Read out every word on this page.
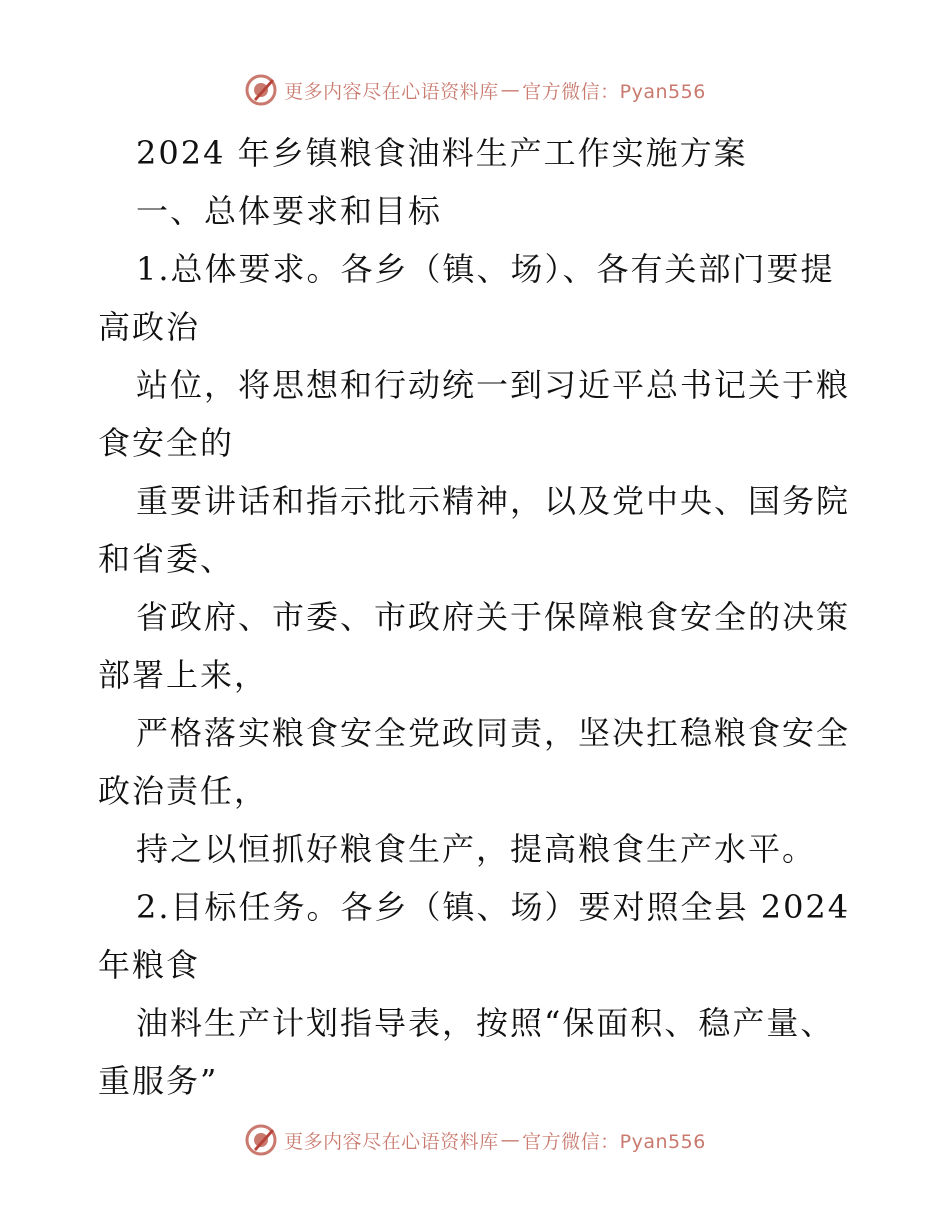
更多内容尽在心语资料库 — 官方微信：Pyan556
2024 年乡镇粮食油料生产工作实施方案
一、总体要求和目标
1.总体要求。各乡（镇、场）、各有关部门要提
高政治
站位，将思想和行动统一到习近平总书记关于粮
食安全的
重要讲话和指示批示精神，以及党中央、国务院
和省委、
省政府、市委、市政府关于保障粮食安全的决策
部署上来，
严格落实粮食安全党政同责，坚决扛稳粮食安全
政治责任，
持之以恒抓好粮食生产，提高粮食生产水平。
2.目标任务。各乡（镇、场）要对照全县 2024
年粮食
油料生产计划指导表，按照“保面积、稳产量、
重服务”
更多内容尽在心语资料库 — 官方微信：Pyan556
